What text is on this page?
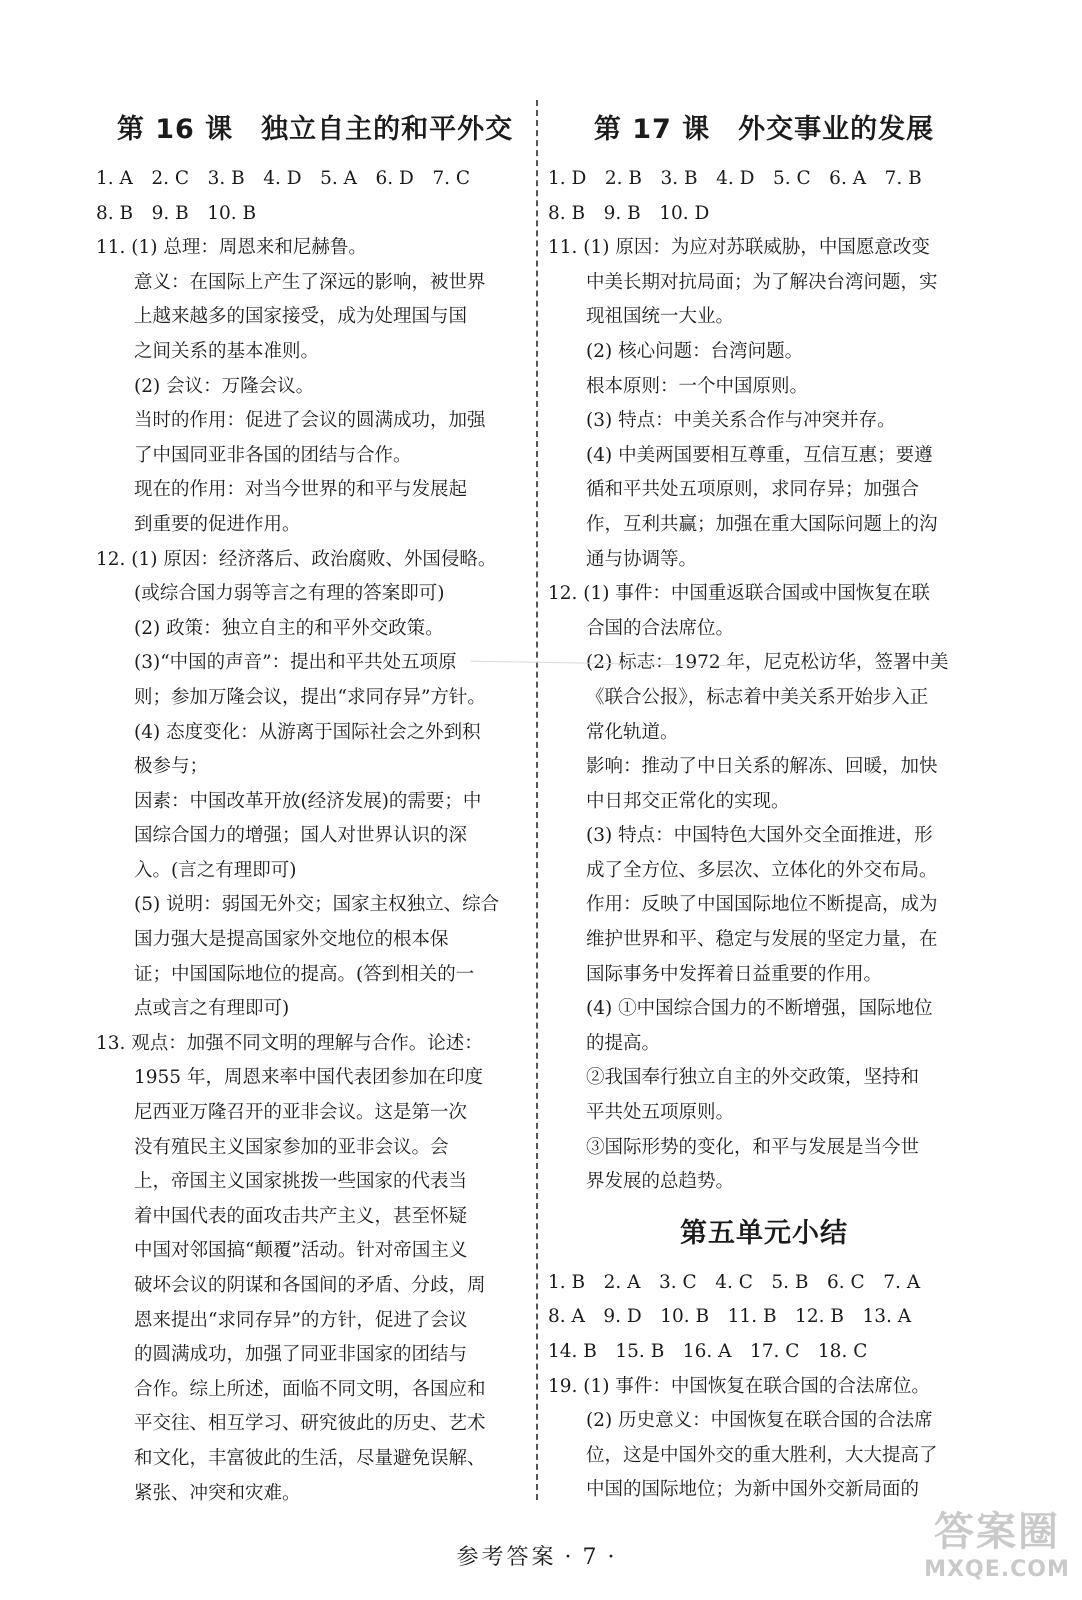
第 16 课　独立自主的和平外交
1. A　2. C　3. B　4. D　5. A　6. D　7. C
8. B　9. B　10. B
11. (1) 总理：周恩来和尼赫鲁。
意义：在国际上产生了深远的影响，被世界
上越来越多的国家接受，成为处理国与国
之间关系的基本准则。
(2) 会议：万隆会议。
当时的作用：促进了会议的圆满成功，加强
了中国同亚非各国的团结与合作。
现在的作用：对当今世界的和平与发展起
到重要的促进作用。
12. (1) 原因：经济落后、政治腐败、外国侵略。
(或综合国力弱等言之有理的答案即可)
(2) 政策：独立自主的和平外交政策。
(3)“中国的声音”：提出和平共处五项原
则；参加万隆会议，提出“求同存异”方针。
(4) 态度变化：从游离于国际社会之外到积
极参与；
因素：中国改革开放(经济发展)的需要；中
国综合国力的增强；国人对世界认识的深
入。(言之有理即可)
(5) 说明：弱国无外交；国家主权独立、综合
国力强大是提高国家外交地位的根本保
证；中国国际地位的提高。(答到相关的一
点或言之有理即可)
13. 观点：加强不同文明的理解与合作。论述：
1955 年，周恩来率中国代表团参加在印度
尼西亚万隆召开的亚非会议。这是第一次
没有殖民主义国家参加的亚非会议。会
上，帝国主义国家挑拨一些国家的代表当
着中国代表的面攻击共产主义，甚至怀疑
中国对邻国搞“颠覆”活动。针对帝国主义
破坏会议的阴谋和各国间的矛盾、分歧，周
恩来提出“求同存异”的方针，促进了会议
的圆满成功，加强了同亚非国家的团结与
合作。综上所述，面临不同文明，各国应和
平交往、相互学习、研究彼此的历史、艺术
和文化，丰富彼此的生活，尽量避免误解、
紧张、冲突和灾难。
第 17 课　外交事业的发展
1. D　2. B　3. B　4. D　5. C　6. A　7. B
8. B　9. B　10. D
11. (1) 原因：为应对苏联威胁，中国愿意改变
中美长期对抗局面；为了解决台湾问题，实
现祖国统一大业。
(2) 核心问题：台湾问题。
根本原则：一个中国原则。
(3) 特点：中美关系合作与冲突并存。
(4) 中美两国要相互尊重，互信互惠；要遵
循和平共处五项原则，求同存异；加强合
作，互利共赢；加强在重大国际问题上的沟
通与协调等。
12. (1) 事件：中国重返联合国或中国恢复在联
合国的合法席位。
(2) 标志：1972 年，尼克松访华，签署中美
《联合公报》，标志着中美关系开始步入正
常化轨道。
影响：推动了中日关系的解冻、回暖，加快
中日邦交正常化的实现。
(3) 特点：中国特色大国外交全面推进，形
成了全方位、多层次、立体化的外交布局。
作用：反映了中国国际地位不断提高，成为
维护世界和平、稳定与发展的坚定力量，在
国际事务中发挥着日益重要的作用。
(4) ①中国综合国力的不断增强，国际地位
的提高。
②我国奉行独立自主的外交政策，坚持和
平共处五项原则。
③国际形势的变化，和平与发展是当今世
界发展的总趋势。
第五单元小结
1. B　2. A　3. C　4. C　5. B　6. C　7. A
8. A　9. D　10. B　11. B　12. B　13. A
14. B　15. B　16. A　17. C　18. C
19. (1) 事件：中国恢复在联合国的合法席位。
(2) 历史意义：中国恢复在联合国的合法席
位，这是中国外交的重大胜利，大大提高了
中国的国际地位；为新中国外交新局面的
参考答案 · 7 ·
答案圈
MXQE.COM
